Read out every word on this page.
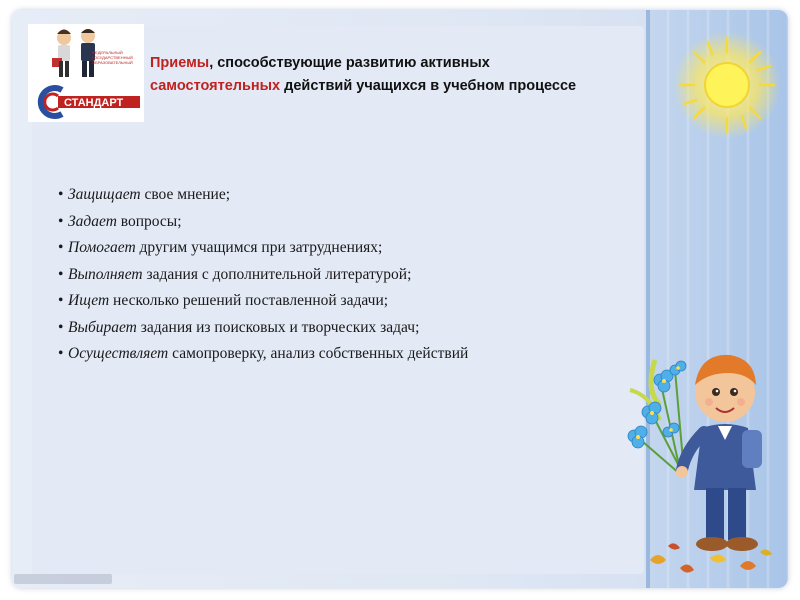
ФЕДЕРАЛЬНЫЙ
ГОСУДАРСТВЕННЫЙ
ОБРАЗОВАТЕЛЬНЫЙ
СТАНДАРТ

Приемы, способствующие развитию активных самостоятельных действий учащихся в учебном процессе

• Защищает свое мнение;
• Задает вопросы;
• Помогает другим учащимся при затруднениях;
• Выполняет задания с дополнительной литературой;
• Ищет несколько решений поставленной задачи;
• Выбирает задания из поисковых и творческих задач;
• Осуществляет самопроверку, анализ собственных действий
